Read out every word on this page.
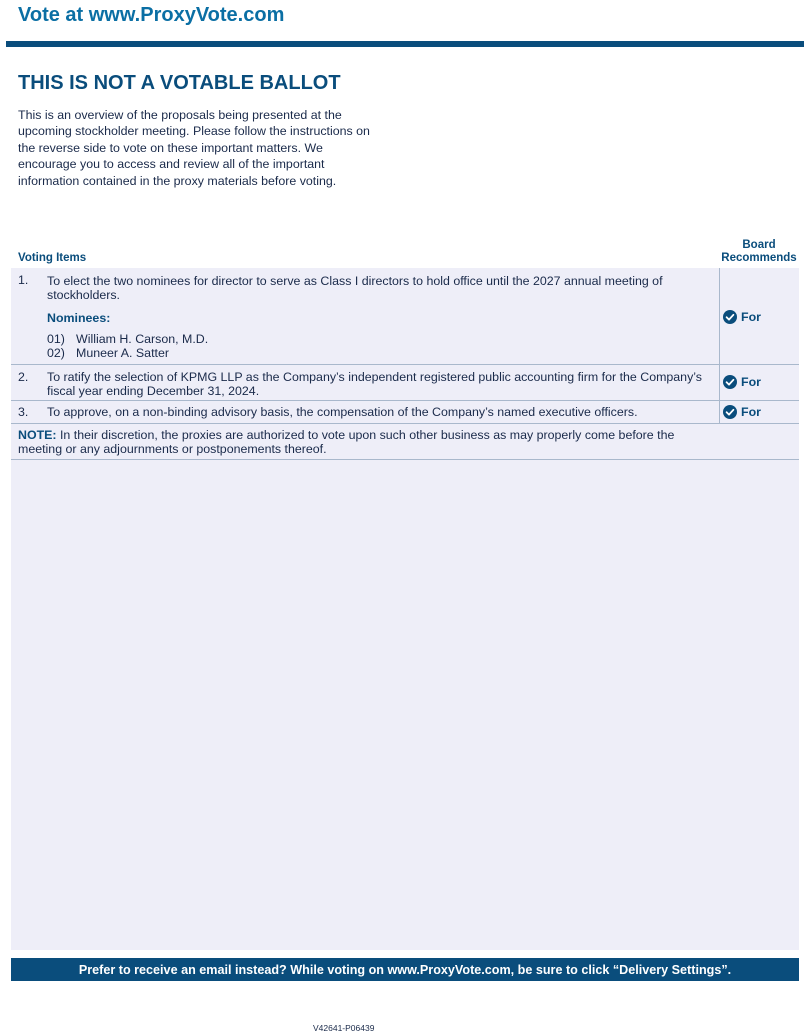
Vote at www.ProxyVote.com
THIS IS NOT A VOTABLE BALLOT
This is an overview of the proposals being presented at the upcoming stockholder meeting. Please follow the instructions on the reverse side to vote on these important matters. We encourage you to access and review all of the important information contained in the proxy materials before voting.
Voting Items
Board
Recommends
1. To elect the two nominees for director to serve as Class I directors to hold office until the 2027 annual meeting of stockholders.
Nominees:
01) William H. Carson, M.D.
02) Muneer A. Satter
For
2. To ratify the selection of KPMG LLP as the Company’s independent registered public accounting firm for the Company’s fiscal year ending December 31, 2024.
For
3. To approve, on a non-binding advisory basis, the compensation of the Company’s named executive officers.	For
NOTE: In their discretion, the proxies are authorized to vote upon such other business as may properly come before the meeting or any adjournments or postponements thereof.
Prefer to receive an email instead? While voting on www.ProxyVote.com, be sure to click “Delivery Settings”.
V42641-P06439
